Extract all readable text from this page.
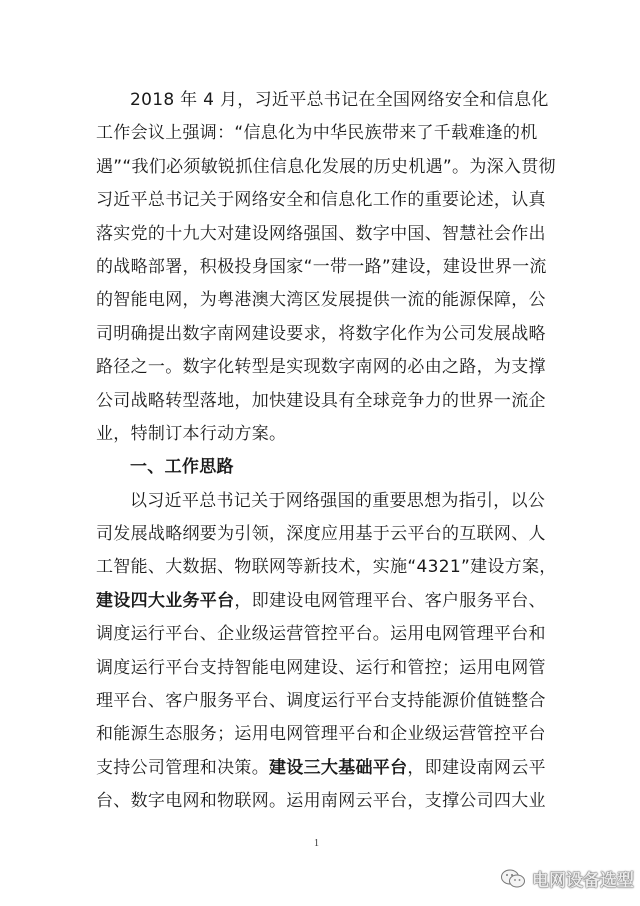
2018 年 4 月，习近平总书记在全国网络安全和信息化
工作会议上强调：“信息化为中华民族带来了千载难逢的机
遇”“我们必须敏锐抓住信息化发展的历史机遇”。为深入贯彻
习近平总书记关于网络安全和信息化工作的重要论述，认真
落实党的十九大对建设网络强国、数字中国、智慧社会作出
的战略部署，积极投身国家“一带一路”建设，建设世界一流
的智能电网，为粤港澳大湾区发展提供一流的能源保障，公
司明确提出数字南网建设要求，将数字化作为公司发展战略
路径之一。数字化转型是实现数字南网的必由之路，为支撑
公司战略转型落地，加快建设具有全球竞争力的世界一流企
业，特制订本行动方案。
一、工作思路
以习近平总书记关于网络强国的重要思想为指引，以公
司发展战略纲要为引领，深度应用基于云平台的互联网、人
工智能、大数据、物联网等新技术，实施“4321”建设方案，
建设四大业务平台，即建设电网管理平台、客户服务平台、
调度运行平台、企业级运营管控平台。运用电网管理平台和
调度运行平台支持智能电网建设、运行和管控；运用电网管
理平台、客户服务平台、调度运行平台支持能源价值链整合
和能源生态服务；运用电网管理平台和企业级运营管控平台
支持公司管理和决策。建设三大基础平台，即建设南网云平
台、数字电网和物联网。运用南网云平台，支撑公司四大业
1
电网设备选型
